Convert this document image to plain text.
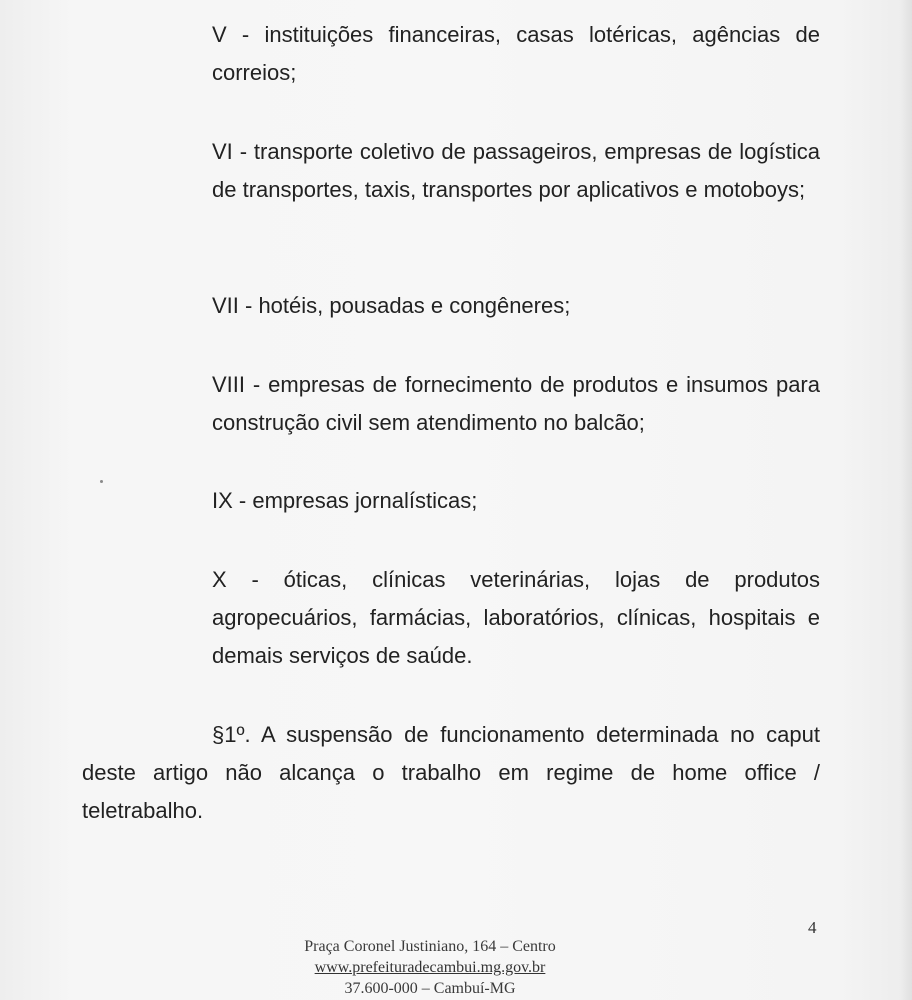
V - instituições financeiras, casas lotéricas, agências de correios;

VI - transporte coletivo de passageiros, empresas de logística de transportes, taxis, transportes por aplicativos e motoboys;

VII - hotéis, pousadas e congêneres;

VIII - empresas de fornecimento de produtos e insumos para construção civil sem atendimento no balcão;

IX - empresas jornalísticas;

X - óticas, clínicas veterinárias, lojas de produtos agropecuários, farmácias, laboratórios, clínicas, hospitais e demais serviços de saúde.

§1º. A suspensão de funcionamento determinada no caput deste artigo não alcança o trabalho em regime de home office / teletrabalho.

4
Praça Coronel Justiniano, 164 – Centro
www.prefeituradecambui.mg.gov.br
37.600-000 – Cambuí-MG
